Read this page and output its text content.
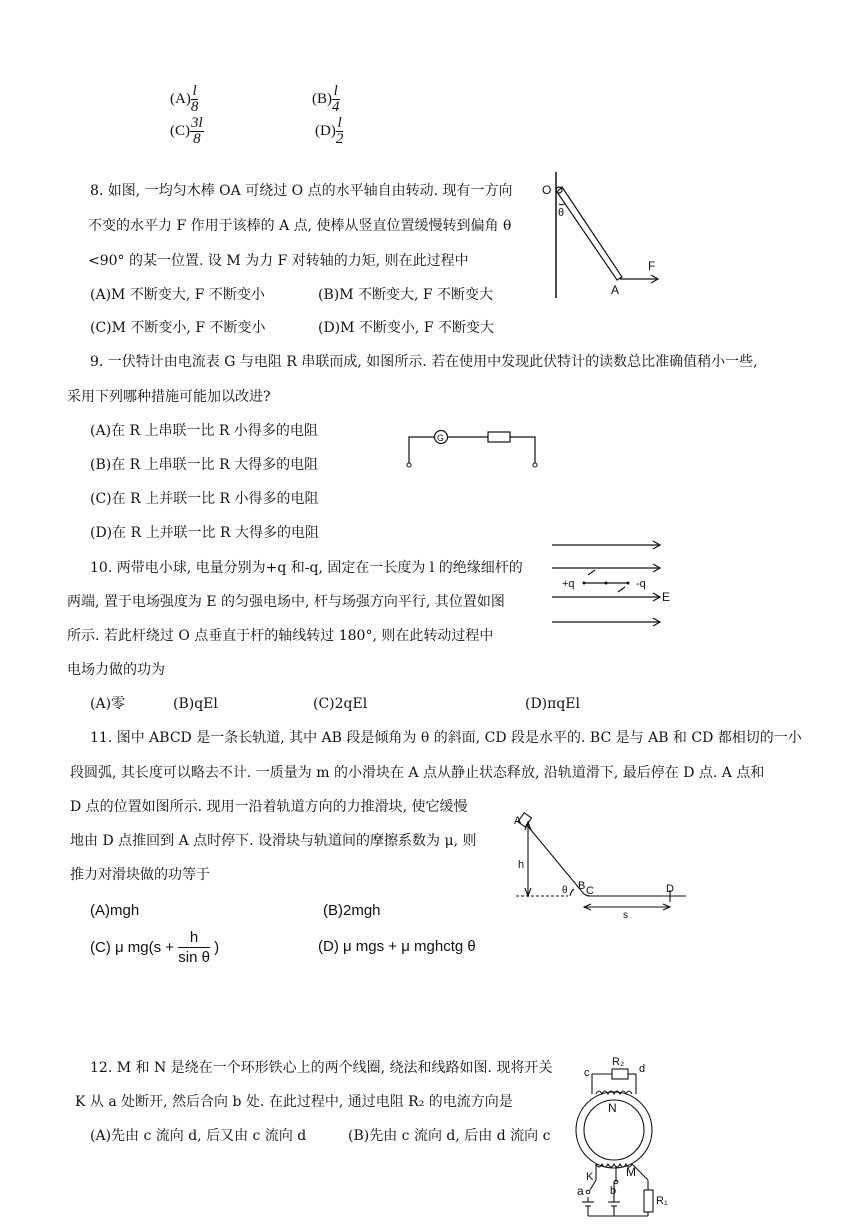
$(A) \frac{l}{8}$	$(B) \frac{l}{4}$
$(C) \frac{3l}{8}$	$(D) \frac{l}{2}$
8. 如图, 一均匀木棒 OA 可绕过 O 点的水平轴自由转动. 现有一方向
不变的水平力 F 作用于该棒的 A 点, 使棒从竖直位置缓慢转到偏角 θ
<90° 的某一位置. 设 M 为力 F 对转轴的力矩, 则在此过程中
(A)M 不断变大, F 不断变小	(B)M 不断变大, F 不断变大
(C)M 不断变小, F 不断变小	(D)M 不断变小, F 不断变大
O
θ
A
F
9. 一伏特计由电流表 G 与电阻 R 串联而成, 如图所示. 若在使用中发现此伏特计的读数总比准确值稍小一些,
采用下列哪种措施可能加以改进?
(A)在 R 上串联一比 R 小得多的电阻
(B)在 R 上串联一比 R 大得多的电阻
(C)在 R 上并联一比 R 小得多的电阻
(D)在 R 上并联一比 R 大得多的电阻
G
10. 两带电小球, 电量分别为+q 和-q, 固定在一长度为 l 的绝缘细杆的
两端, 置于电场强度为 E 的匀强电场中, 杆与场强方向平行, 其位置如图
所示. 若此杆绕过 O 点垂直于杆的轴线转过 180°, 则在此转动过程中
电场力做的功为
(A)零	(B)qEl	(C)2qEl	(D)πqEl
+q	-q
E
11. 图中 ABCD 是一条长轨道, 其中 AB 段是倾角为 θ 的斜面, CD 段是水平的. BC 是与 AB 和 CD 都相切的一小
段圆弧, 其长度可以略去不计. 一质量为 m 的小滑块在 A 点从静止状态释放, 沿轨道滑下, 最后停在 D 点. A 点和
D 点的位置如图所示. 现用一沿着轨道方向的力推滑块, 使它缓慢
地由 D 点推回到 A 点时停下. 设滑块与轨道间的摩擦系数为 μ, 则
推力对滑块做的功等于
(A)mgh	(B)2mgh
(C) μ $mg(s + \frac{h}{\text{sin θ}}$ )	(D) μ mgs + μ mghctg θ
A
h
θ B C	D
s
12. M 和 N 是绕在一个环形铁心上的两个线圈, 绕法和线路如图. 现将开关
K 从 a 处断开, 然后合向 b 处. 在此过程中, 通过电阻 R₂ 的电流方向是
(A)先由 c 流向 d, 后又由 c 流向 d	(B)先由 c 流向 d, 后由 d 流向 c
R₂
c	d
N
M
K
b
a
R₁
